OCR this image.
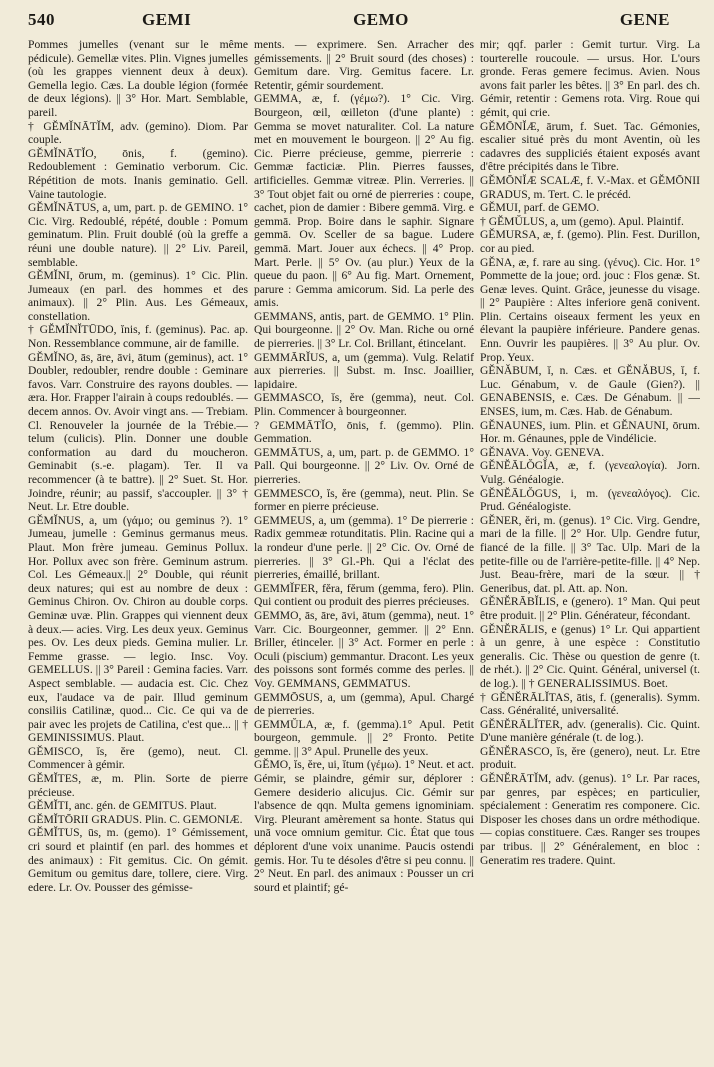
540	GEMI	GEMO	GENE

Pommes jumelles (venant sur le même pédicule). Gemellæ vites. Plin. Vignes jumelles (où les grappes viennent deux à deux). Gemella legio. Cæs. La double légion (formée de deux légions). || 3° Hor. Mart. Semblable, pareil.

† GĔMĬNĀTĬM, adv. (gemino). Diom. Par couple.

GĔMĬNĀTĬO, ōnis, f. (gemino). Redoublement : Geminatio verborum. Cic. Répétition de mots. Inanis geminatio. Gell. Vaine tautologie.

GĔMĬNĀTUS, a, um, part. p. de GEMINO. 1° Cic. Virg. Redoublé, répété, double : Pomum geminatum. Plin. Fruit doublé (où la greffe a réuni une double nature). || 2° Liv. Pareil, semblable.

GĔMĬNI, ōrum, m. (geminus). 1° Cic. Plin. Jumeaux (en parl. des hommes et des animaux). || 2° Plin. Aus. Les Gémeaux, constellation.

† GĔMĬNĬTŪDO, ĭnis, f. (geminus). Pac. ap. Non. Ressemblance commune, air de famille.

GĔMĬNO, ās, āre, āvi, ātum (geminus), act. 1° Doubler, redoubler, rendre double : Geminare favos. Varr. Construire des rayons doubles. — æra. Hor. Frapper l'airain à coups redoublés. — decem annos. Ov. Avoir vingt ans. — Trebiam. Cl. Renouveler la journée de la Trébie.— telum (culicis). Plin. Donner une double conformation au dard du moucheron. Geminabit (s.-e. plagam). Ter. Il va recommencer (à te battre). || 2° Suet. St. Hor. Joindre, réunir; au passif, s'accoupler. || 3° † Neut. Lr. Etre double.

GĔMĬNUS, a, um (γάμο; ou geminus ?). 1° Jumeau, jumelle : Geminus germanus meus. Plaut. Mon frère jumeau. Geminus Pollux. Hor. Pollux avec son frère. Geminum astrum. Col. Les Gémeaux.|| 2° Double, qui réunit deux natures; qui est au nombre de deux : Geminus Chiron. Ov. Chiron au double corps. Geminæ uvæ. Plin. Grappes qui viennent deux à deux.— acies. Virg. Les deux yeux. Geminus pes. Ov. Les deux pieds. Gemina mulier. Lr. Femme grasse. — legio. Insc. Voy. GEMELLUS. || 3° Pareil : Gemina facies. Varr. Aspect semblable. — audacia est. Cic. Chez eux, l'audace va de pair. Illud geminum consiliis Catilinæ, quod... Cic. Ce qui va de pair avec les projets de Catilina, c'est que... || † GEMINISSIMUS. Plaut.

GĔMISCO, ĭs, ĕre (gemo), neut. Cl. Commencer à gémir.

GĔMĬTES, æ, m. Plin. Sorte de pierre précieuse.

GĔMĬTI, anc. gén. de GEMITUS. Plaut.

GĔMĬTŌRII GRADUS. Plin. C. GEMONIÆ.

GĔMĬTUS, ūs, m. (gemo). 1° Gémissement, cri sourd et plaintif (en parl. des hommes et des animaux) : Fit gemitus. Cic. On gémit. Gemitum ou gemitus dare, tollere, ciere. Virg. edere. Lr. Ov. Pousser des gémisse-

ments. — exprimere. Sen. Arracher des gémissements. || 2° Bruit sourd (des choses) : Gemitum dare. Virg. Gemitus facere. Lr. Retentir, gémir sourdement.

GEMMA, æ, f. (γέμω?). 1° Cic. Virg. Bourgeon, œil, œilleton (d'une plante) : Gemma se movet naturaliter. Col. La nature met en mouvement le bourgeon. || 2° Au fig. Cic. Pierre précieuse, gemme, pierrerie : Gemmæ facticiæ. Plin. Pierres fausses, artificielles. Gemmæ vitreæ. Plin. Verreries. || 3° Tout objet fait ou orné de pierreries : coupe, cachet, pion de damier : Bibere gemmā. Virg. e gemmā. Prop. Boire dans le saphir. Signare gemmā. Ov. Sceller de sa bague. Ludere gemmā. Mart. Jouer aux échecs. || 4° Prop. Mart. Perle. || 5° Ov. (au plur.) Yeux de la queue du paon. || 6° Au fig. Mart. Ornement, parure : Gemma amicorum. Sid. La perle des amis.

GEMMANS, antis, part. de GEMMO. 1° Plin. Qui bourgeonne. || 2° Ov. Man. Riche ou orné de pierreries. || 3° Lr. Col. Brillant, étincelant.

GEMMĀRĬUS, a, um (gemma). Vulg. Relatif aux pierreries. || Subst. m. Insc. Joaillier, lapidaire.

GEMMASCO, ĭs, ĕre (gemma), neut. Col. Plin. Commencer à bourgeonner.

? GEMMĀTĬO, ōnis, f. (gemmo). Plin. Gemmation.

GEMMĀTUS, a, um, part. p. de GEMMO. 1° Pall. Qui bourgeonne. || 2° Liv. Ov. Orné de pierreries.

GEMMESCO, ĭs, ĕre (gemma), neut. Plin. Se former en pierre précieuse.

GEMMEUS, a, um (gemma). 1° De pierrerie : Radix gemmeæ rotunditatis. Plin. Racine qui a la rondeur d'une perle. || 2° Cic. Ov. Orné de pierreries. || 3° Gl.-Ph. Qui a l'éclat des pierreries, émaillé, brillant.

GEMMĬFER, fĕra, fĕrum (gemma, fero). Plin. Qui contient ou produit des pierres précieuses.

GEMMO, ās, āre, āvi, ātum (gemma), neut. 1° Varr. Cic. Bourgeonner, gemmer. || 2° Enn. Briller, étinceler. || 3° Act. Former en perle : Oculi (piscium) gemmantur. Dracont. Les yeux des poissons sont formés comme des perles. || Voy. GEMMANS, GEMMATUS.

GEMMŌSUS, a, um (gemma), Apul. Chargé de pierreries.

GEMMŬLA, æ, f. (gemma).1° Apul. Petit bourgeon, gemmule. || 2° Fronto. Petite gemme. || 3° Apul. Prunelle des yeux.

GĔMO, ĭs, ĕre, ui, ĭtum (γέμω). 1° Neut. et act. Gémir, se plaindre, gémir sur, déplorer : Gemere desiderio alicujus. Cic. Gémir sur l'absence de qqn. Multa gemens ignominiam. Virg. Pleurant amèrement sa honte. Status qui unā voce omnium gemitur. Cic. État que tous déplorent d'une voix unanime. Paucis ostendi gemis. Hor. Tu te désoles d'être si peu connu. || 2° Neut. En parl. des animaux : Pousser un cri sourd et plaintif; gé-

mir; qqf. parler : Gemit turtur. Virg. La tourterelle roucoule. — ursus. Hor. L'ours gronde. Feras gemere fecimus. Avien. Nous avons fait parler les bêtes. || 3° En parl. des ch. Gémir, retentir : Gemens rota. Virg. Roue qui gémit, qui crie.

GĔMŌNĬÆ, ārum, f. Suet. Tac. Gémonies, escalier situé près du mont Aventin, où les cadavres des suppliciés étaient exposés avant d'être précipités dans le Tibre.

GĔMŌNĬÆ SCALÆ, f. V.-Max. et GĔMŌNII GRADUS, m. Tert. C. le précéd.

GĔMUI, parf. de GEMO.

† GĔMŬLUS, a, um (gemo). Apul. Plaintif.

GĔMURSA, æ, f. (gemo). Plin. Fest. Durillon, cor au pied.

GĔNA, æ, f. rare au sing. (γένυς). Cic. Hor. 1° Pommette de la joue; ord. jouc : Flos genæ. St. Genæ leves. Quint. Grâce, jeunesse du visage. || 2° Paupière : Altes inferiore genā conivent. Plin. Certains oiseaux ferment les yeux en élevant la paupière inférieure. Pandere genas. Enn. Ouvrir les paupières. || 3° Au plur. Ov. Prop. Yeux.

GĔNĂBUM, ĭ, n. Cæs. et GĔNĂBUS, ĭ, f. Luc. Génabum, v. de Gaule (Gien?). || GENABENSIS, e. Cæs. De Génabum. || — ENSES, ium, m. Cæs. Hab. de Génabum.

GĔNAUNES, ium. Plin. et GĔNAUNI, ōrum. Hor. m. Génaunes, pple de Vindélicie.

GĔNAVA. Voy. GENEVA.

GĔNĔĀLŎGĬA, æ, f. (γενεαλογία). Jorn. Vulg. Généalogie.

GĔNĔĀLŎGUS, i, m. (γενεαλόγος). Cic. Prud. Généalogiste.

GĔNER, ĕri, m. (genus). 1° Cic. Virg. Gendre, mari de la fille. || 2° Hor. Ulp. Gendre futur, fiancé de la fille. || 3° Tac. Ulp. Mari de la petite-fille ou de l'arrière-petite-fille. || 4° Nep. Just. Beau-frère, mari de la sœur. || † Generibus, dat. pl. Att. ap. Non.

GĔNĔRĀBĬLIS, e (genero). 1° Man. Qui peut être produit. || 2° Plin. Générateur, fécondant.

GĔNĔRĀLIS, e (genus) 1° Lr. Qui appartient à un genre, à une espèce : Constitutio generalis. Cic. Thèse ou question de genre (t. de rhét.). || 2° Cic. Quint. Général, universel (t. de log.). || † GENERALISSIMUS. Boet.

† GĔNĔRĀLĬTAS, ātis, f. (generalis). Symm. Cass. Généralité, universalité.

GĔNĔRĀLĬTER, adv. (generalis). Cic. Quint. D'une manière générale (t. de log.).

GĔNĔRASCO, ĭs, ĕre (genero), neut. Lr. Etre produit.

GĔNĔRĀTĬM, adv. (genus). 1° Lr. Par races, par genres, par espèces; en particulier, spécialement : Generatim res componere. Cic. Disposer les choses dans un ordre méthodique. — copias constituere. Cæs. Ranger ses troupes par tribus. || 2° Généralement, en bloc : Generatim res tradere. Quint.
